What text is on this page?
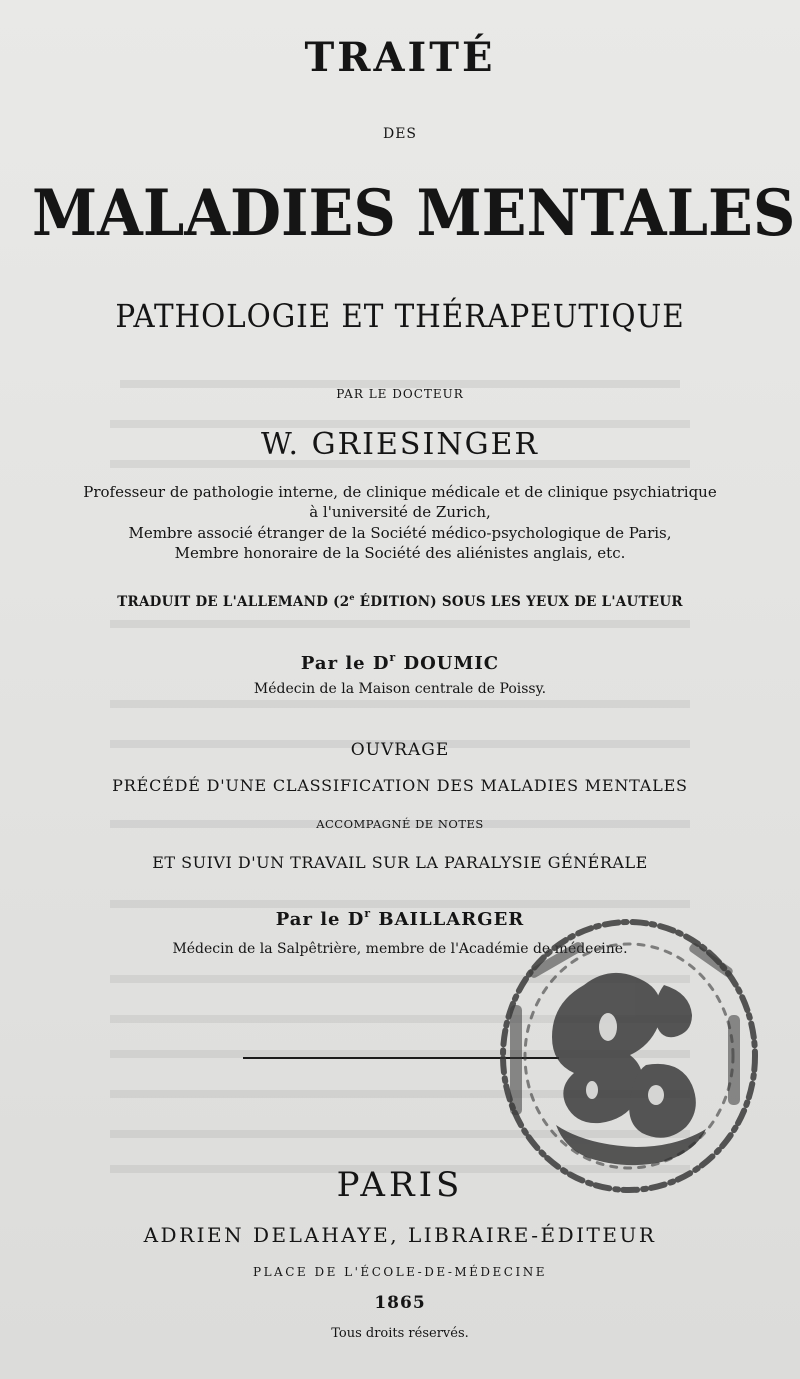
TRAITÉ
DES
MALADIES MENTALES
PATHOLOGIE ET THÉRAPEUTIQUE
PAR LE DOCTEUR
W. GRIESINGER
Professeur de pathologie interne, de clinique médicale et de clinique psychiatrique
à l'université de Zurich,
Membre associé étranger de la Société médico-psychologique de Paris,
Membre honoraire de la Société des aliénistes anglais, etc.
TRADUIT DE L'ALLEMAND (2e ÉDITION) SOUS LES YEUX DE L'AUTEUR
Par le $D^r$ DOUMIC
Médecin de la Maison centrale de Poissy.
OUVRAGE
PRÉCÉDÉ D'UNE CLASSIFICATION DES MALADIES MENTALES
ACCOMPAGNÉ DE NOTES
ET SUIVI D'UN TRAVAIL SUR LA PARALYSIE GÉNÉRALE
Par le $D^r$ BAILLARGER
Médecin de la Salpêtrière, membre de l'Académie de médecine.
PARIS
ADRIEN DELAHAYE, LIBRAIRE-ÉDITEUR
PLACE DE L'ÉCOLE-DE-MÉDECINE
1865
Tous droits réservés.
